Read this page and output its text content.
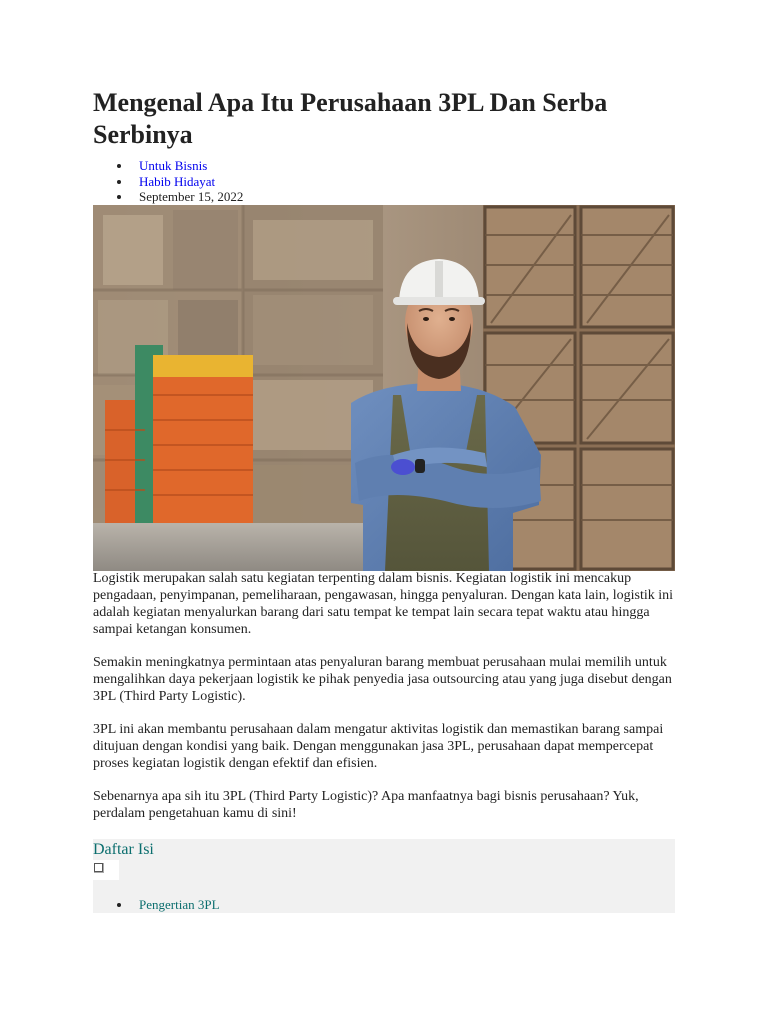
Mengenal Apa Itu Perusahaan 3PL Dan Serba Serbinya
Untuk Bisnis
Habib Hidayat
September 15, 2022

Logistik merupakan salah satu kegiatan terpenting dalam bisnis. Kegiatan logistik ini mencakup pengadaan, penyimpanan, pemeliharaan, pengawasan, hingga penyaluran. Dengan kata lain, logistik ini adalah kegiatan menyalurkan barang dari satu tempat ke tempat lain secara tepat waktu atau hingga sampai ketangan konsumen.

Semakin meningkatnya permintaan atas penyaluran barang membuat perusahaan mulai memilih untuk mengalihkan daya pekerjaan logistik ke pihak penyedia jasa outsourcing atau yang juga disebut dengan 3PL (Third Party Logistic).

3PL ini akan membantu perusahaan dalam mengatur aktivitas logistik dan memastikan barang sampai ditujuan dengan kondisi yang baik. Dengan menggunakan jasa 3PL, perusahaan dapat mempercepat proses kegiatan logistik dengan efektif dan efisien.

Sebenarnya apa sih itu 3PL (Third Party Logistic)? Apa manfaatnya bagi bisnis perusahaan? Yuk, perdalam pengetahuan kamu di sini!

Daftar Isi
Pengertian 3PL
